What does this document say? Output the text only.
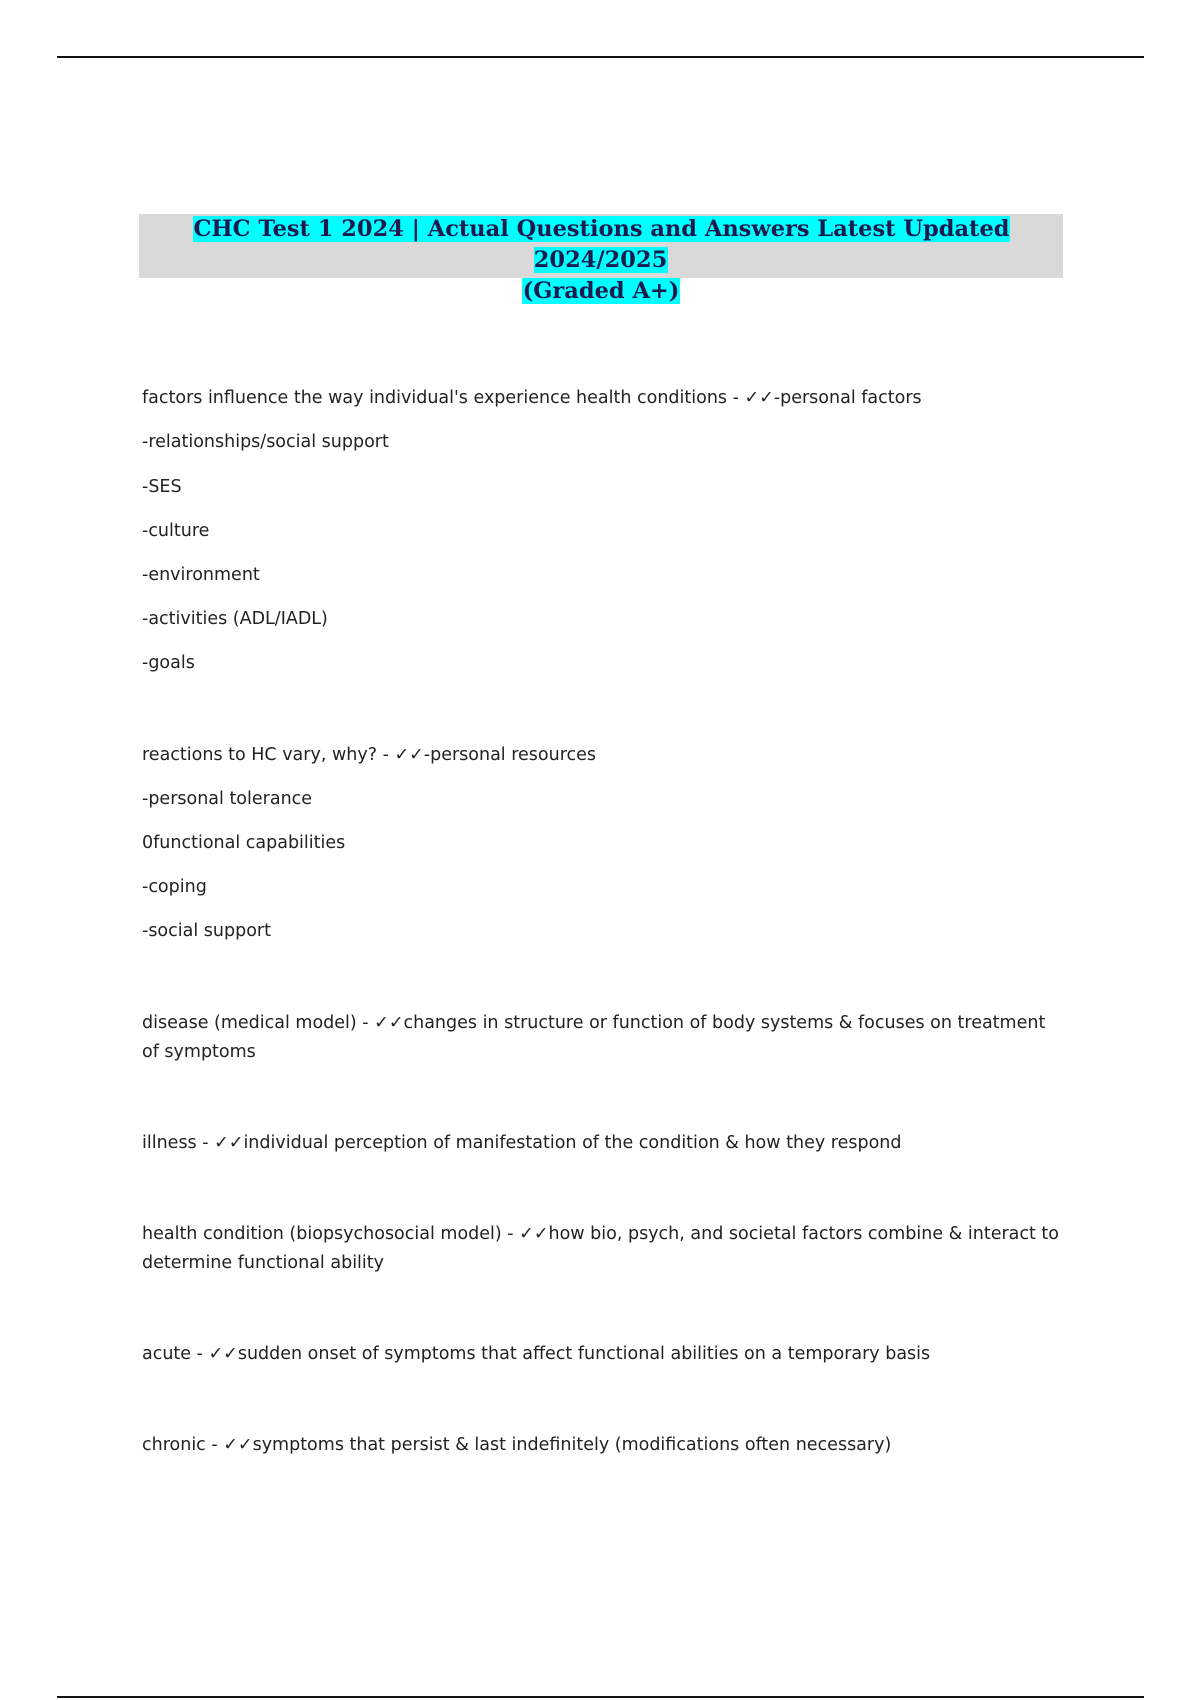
CHC Test 1 2024 | Actual Questions and Answers Latest Updated 2024/2025
(Graded A+)
factors influence the way individual's experience health conditions - ✓✓-personal factors
-relationships/social support
-SES
-culture
-environment
-activities (ADL/IADL)
-goals
reactions to HC vary, why? - ✓✓-personal resources
-personal tolerance
0functional capabilities
-coping
-social support
disease (medical model) - ✓✓changes in structure or function of body systems & focuses on treatment of symptoms
illness - ✓✓individual perception of manifestation of the condition & how they respond
health condition (biopsychosocial model) - ✓✓how bio, psych, and societal factors combine & interact to determine functional ability
acute - ✓✓sudden onset of symptoms that affect functional abilities on a temporary basis
chronic - ✓✓symptoms that persist & last indefinitely (modifications often necessary)
